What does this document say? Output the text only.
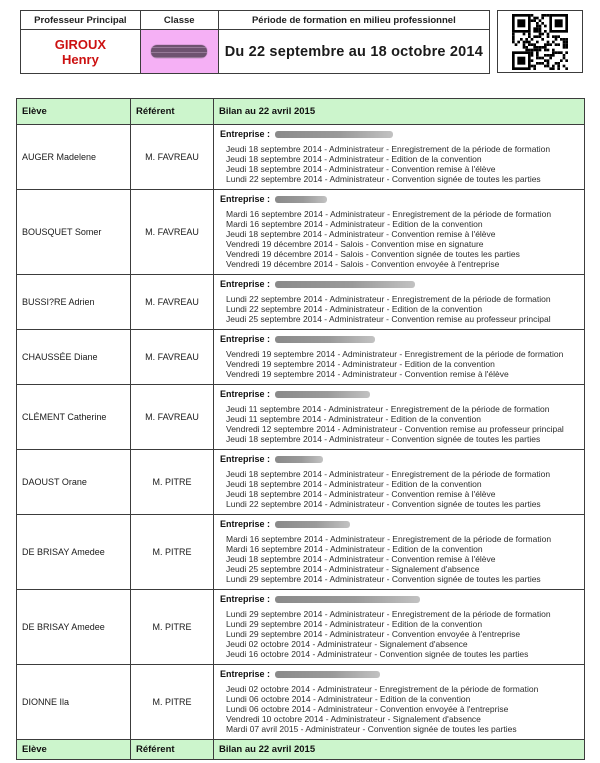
Professeur Principal	Classe	Période de formation en milieu professionnel

GIROUX
Henry		Du 22 septembre au 18 octobre 2014
Elève	Référent	Bilan au 22 avril 2015
AUGER Madelene	M. FAVREAU	Entreprise :
Jeudi 18 septembre 2014 - Administrateur - Enregistrement de la période de formation
Jeudi 18 septembre 2014 - Administrateur - Edition de la convention
Jeudi 18 septembre 2014 - Administrateur - Convention remise à l'élève
Lundi 22 septembre 2014 - Administrateur - Convention signée de toutes les parties

BOUSQUET Somer	M. FAVREAU	
Entreprise :
Mardi 16 septembre 2014 - Administrateur - Enregistrement de la période de formation
Mardi 16 septembre 2014 - Administrateur - Edition de la convention
Jeudi 18 septembre 2014 - Administrateur - Convention remise à l'élève
Vendredi 19 décembre 2014 - Salois - Convention mise en signature
Vendredi 19 décembre 2014 - Salois - Convention signée de toutes les parties
Vendredi 19 décembre 2014 - Salois - Convention envoyée à l'entreprise

BUSSI?RE Adrien	M. FAVREAU	Entreprise :
Lundi 22 septembre 2014 - Administrateur - Enregistrement de la période de formation
Lundi 22 septembre 2014 - Administrateur - Edition de la convention
Jeudi 25 septembre 2014 - Administrateur - Convention remise au professeur principal

CHAUSSÉE Diane	M. FAVREAU	Entreprise :
Vendredi 19 septembre 2014 - Administrateur - Enregistrement de la période de formation
Vendredi 19 septembre 2014 - Administrateur - Edition de la convention
Vendredi 19 septembre 2014 - Administrateur - Convention remise à l'élève

CLÉMENT Catherine	M. FAVREAU	Entreprise :
Jeudi 11 septembre 2014 - Administrateur - Enregistrement de la période de formation
Jeudi 11 septembre 2014 - Administrateur - Edition de la convention
Vendredi 12 septembre 2014 - Administrateur - Convention remise au professeur principal
Jeudi 18 septembre 2014 - Administrateur - Convention signée de toutes les parties

DAOUST Orane	M. PITRE	Entreprise :
Jeudi 18 septembre 2014 - Administrateur - Enregistrement de la période de formation
Jeudi 18 septembre 2014 - Administrateur - Edition de la convention
Jeudi 18 septembre 2014 - Administrateur - Convention remise à l'élève
Lundi 22 septembre 2014 - Administrateur - Convention signée de toutes les parties

DE BRISAY Amedee	M. PITRE	
Entreprise :
Mardi 16 septembre 2014 - Administrateur - Enregistrement de la période de formation
Mardi 16 septembre 2014 - Administrateur - Edition de la convention
Jeudi 18 septembre 2014 - Administrateur - Convention remise à l'élève
Jeudi 25 septembre 2014 - Administrateur - Signalement d'absence
Lundi 29 septembre 2014 - Administrateur - Convention signée de toutes les parties

DE BRISAY Amedee	M. PITRE	
Entreprise :
Lundi 29 septembre 2014 - Administrateur - Enregistrement de la période de formation
Lundi 29 septembre 2014 - Administrateur - Edition de la convention
Lundi 29 septembre 2014 - Administrateur - Convention envoyée à l'entreprise
Jeudi 02 octobre 2014 - Administrateur - Signalement d'absence
Jeudi 16 octobre 2014 - Administrateur - Convention signée de toutes les parties

DIONNE Ila	M. PITRE	
Entreprise :
Jeudi 02 octobre 2014 - Administrateur - Enregistrement de la période de formation
Lundi 06 octobre 2014 - Administrateur - Edition de la convention
Lundi 06 octobre 2014 - Administrateur - Convention envoyée à l'entreprise
Vendredi 10 octobre 2014 - Administrateur - Signalement d'absence
Mardi 07 avril 2015 - Administrateur - Convention signée de toutes les parties

Elève	Référent	Bilan au 22 avril 2015
